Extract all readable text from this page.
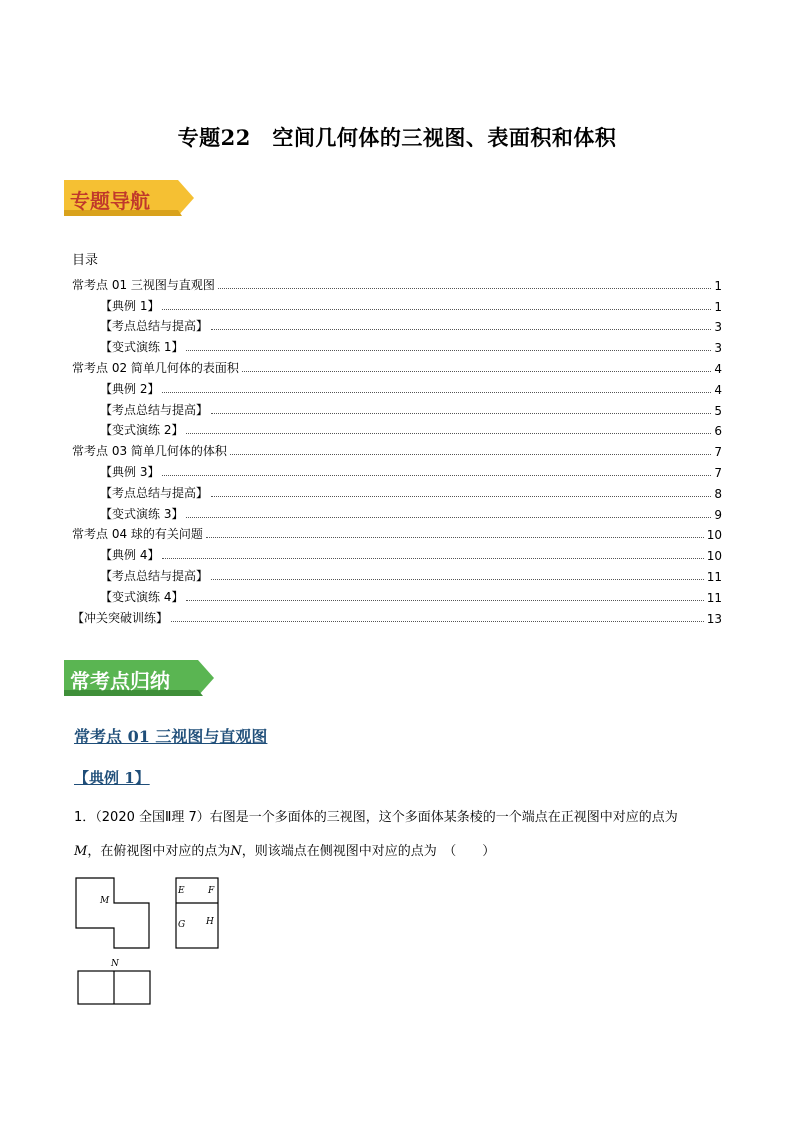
专题22　空间几何体的三视图、表面积和体积
专题导航
目录
常考点 01 三视图与直观图	1
【典例 1】	1
【考点总结与提高】	3
【变式演练 1】	3
常考点 02 简单几何体的表面积	4
【典例 2】	4
【考点总结与提高】	5
【变式演练 2】	6
常考点 03 简单几何体的体积	7
【典例 3】	7
【考点总结与提高】	8
【变式演练 3】	9
常考点 04 球的有关问题	10
【典例 4】	10
【考点总结与提高】	11
【变式演练 4】	11
【冲关突破训练】	13
常考点归纳
常考点 01 三视图与直观图
【典例 1】
1．（2020 全国Ⅱ理 7）右图是一个多面体的三视图，这个多面体某条棱的一个端点在正视图中对应的点为
M，在俯视图中对应的点为N，则该端点在侧视图中对应的点为　（　　）
M
E	F
G H
N
